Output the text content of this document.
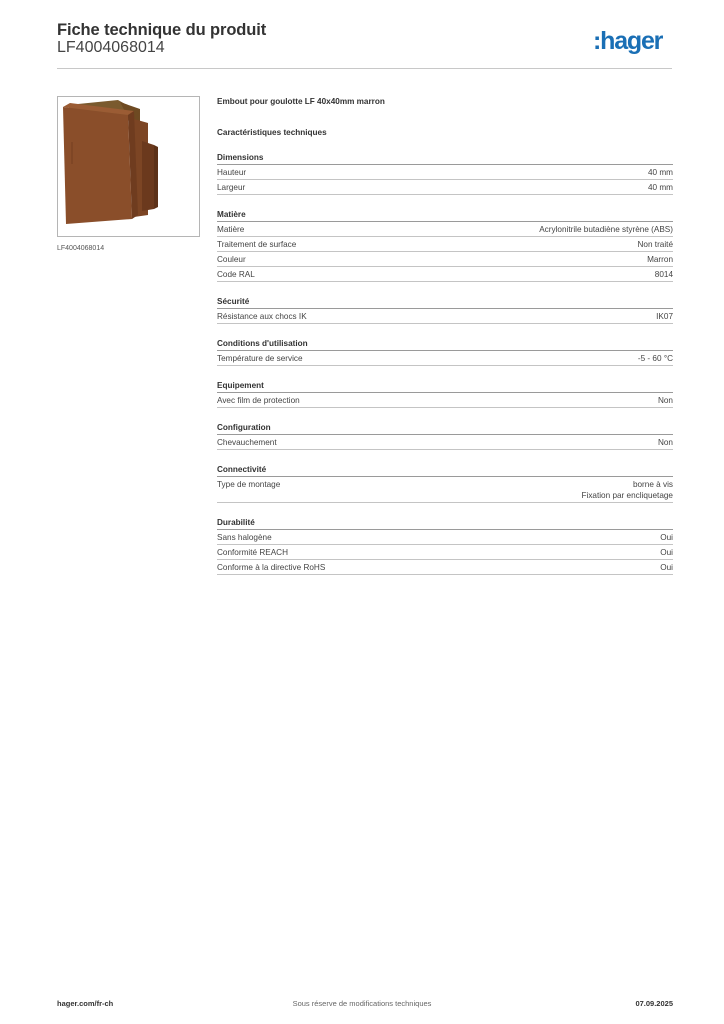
Fiche technique du produit
LF4004068014	:hager
LF4004068014
Embout pour goulotte LF 40x40mm marron
Caractéristiques techniques
Dimensions
Hauteur	40 mm
Largeur	40 mm
Matière
Matière	Acrylonitrile butadiène styrène (ABS)
Traitement de surface	Non traité
Couleur	Marron
Code RAL	8014
Sécurité
Résistance aux chocs IK	IK07
Conditions d'utilisation
Température de service	-5 - 60 °C
Equipement
Avec film de protection	Non
Configuration
Chevauchement	Non
Connectivité
Type de montage	borne à vis
Fixation par encliquetage
Durabilité
Sans halogène	Oui
Conformité REACH	Oui
Conforme à la directive RoHS	Oui
hager.com/fr-ch	Sous réserve de modifications techniques	07.09.2025
